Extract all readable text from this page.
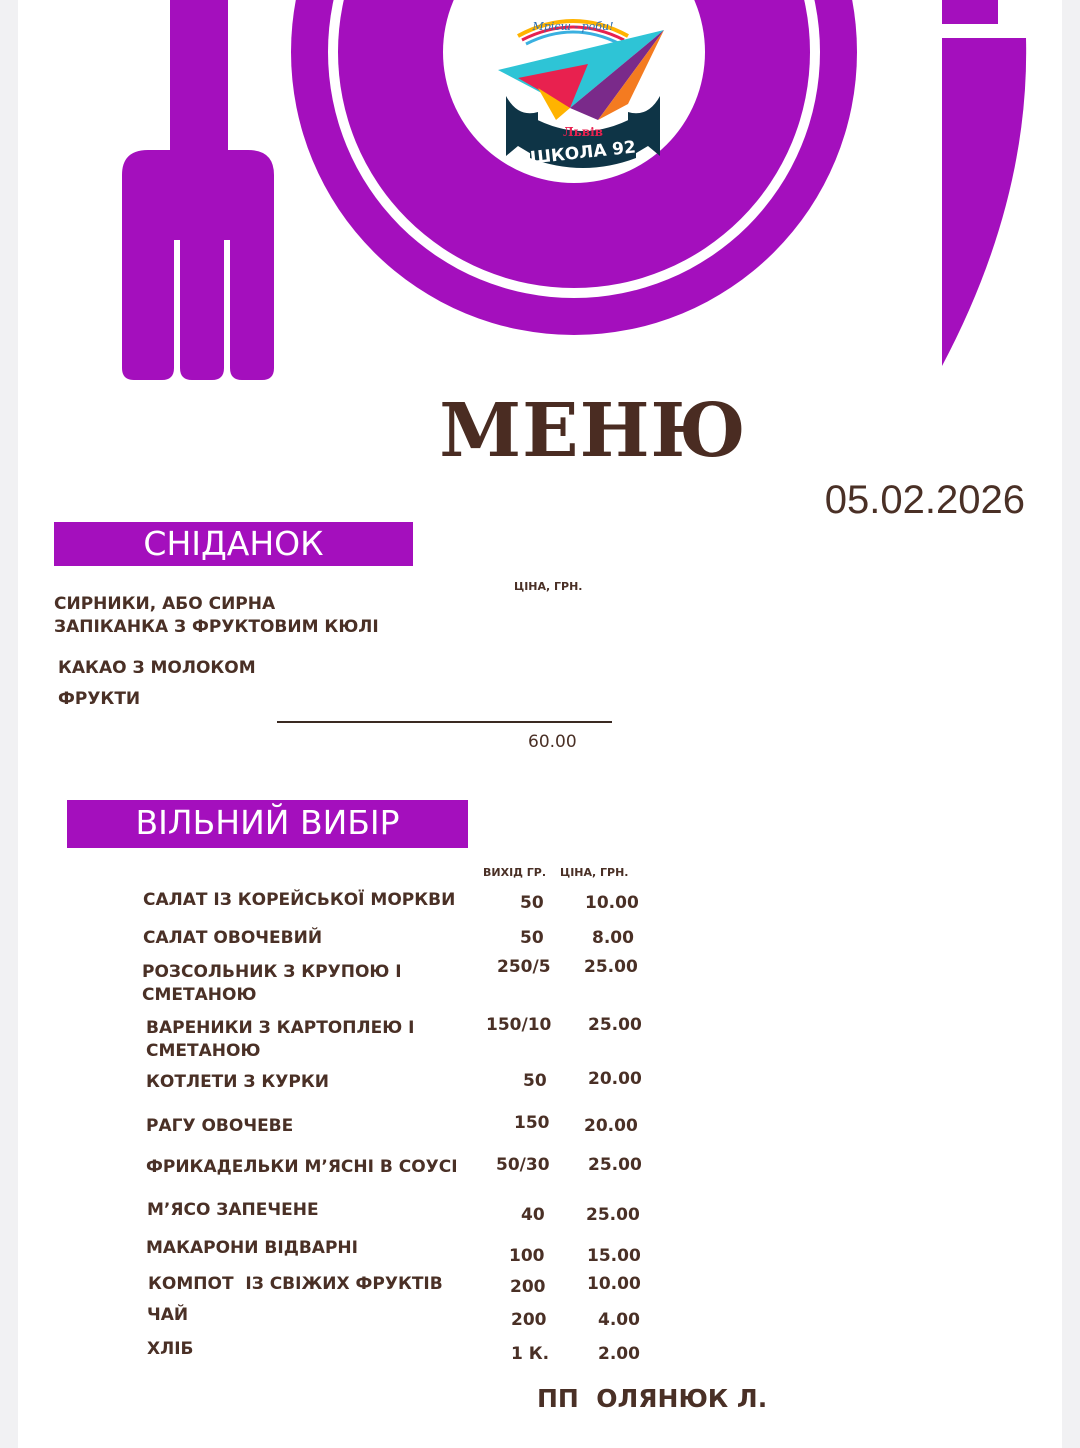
Мрієш - роби!
Львів
ШКОЛА 92
МЕНЮ
05.02.2026
СНІДАНОК
ЦІНА, ГРН.
СИРНИКИ, АБО СИРНА
ЗАПІКАНКА З ФРУКТОВИМ КЮЛІ
КАКАО З МОЛОКОМ
ФРУКТИ
60.00
ВІЛЬНИЙ ВИБІР
ВИХІД ГР. ЦІНА, ГРН.
САЛАТ ІЗ КОРЕЙСЬКОЇ МОРКВИ	50 10.00
САЛАТ ОВОЧЕВИЙ	50	8.00
РОЗСОЛЬНИК З КРУПОЮ І
СМЕТАНОЮ
250/5 25.00
ВАРЕНИКИ З КАРТОПЛЕЮ І
СМЕТАНОЮ
150/10 25.00
КОТЛЕТИ З КУРКИ	50 20.00
РАГУ ОВОЧЕВЕ	150 20.00
ФРИКАДЕЛЬКИ М’ЯСНІ В СОУСІ 50/30 25.00
М’ЯСО ЗАПЕЧЕНЕ	40 25.00
МАКАРОНИ ВІДВАРНІ	100	15.00
КОМПОТ  ІЗ СВІЖИХ ФРУКТІВ	200 10.00
ЧАЙ	200	4.00
ХЛІБ	1 К.	2.00
ПП  ОЛЯНЮК Л.
